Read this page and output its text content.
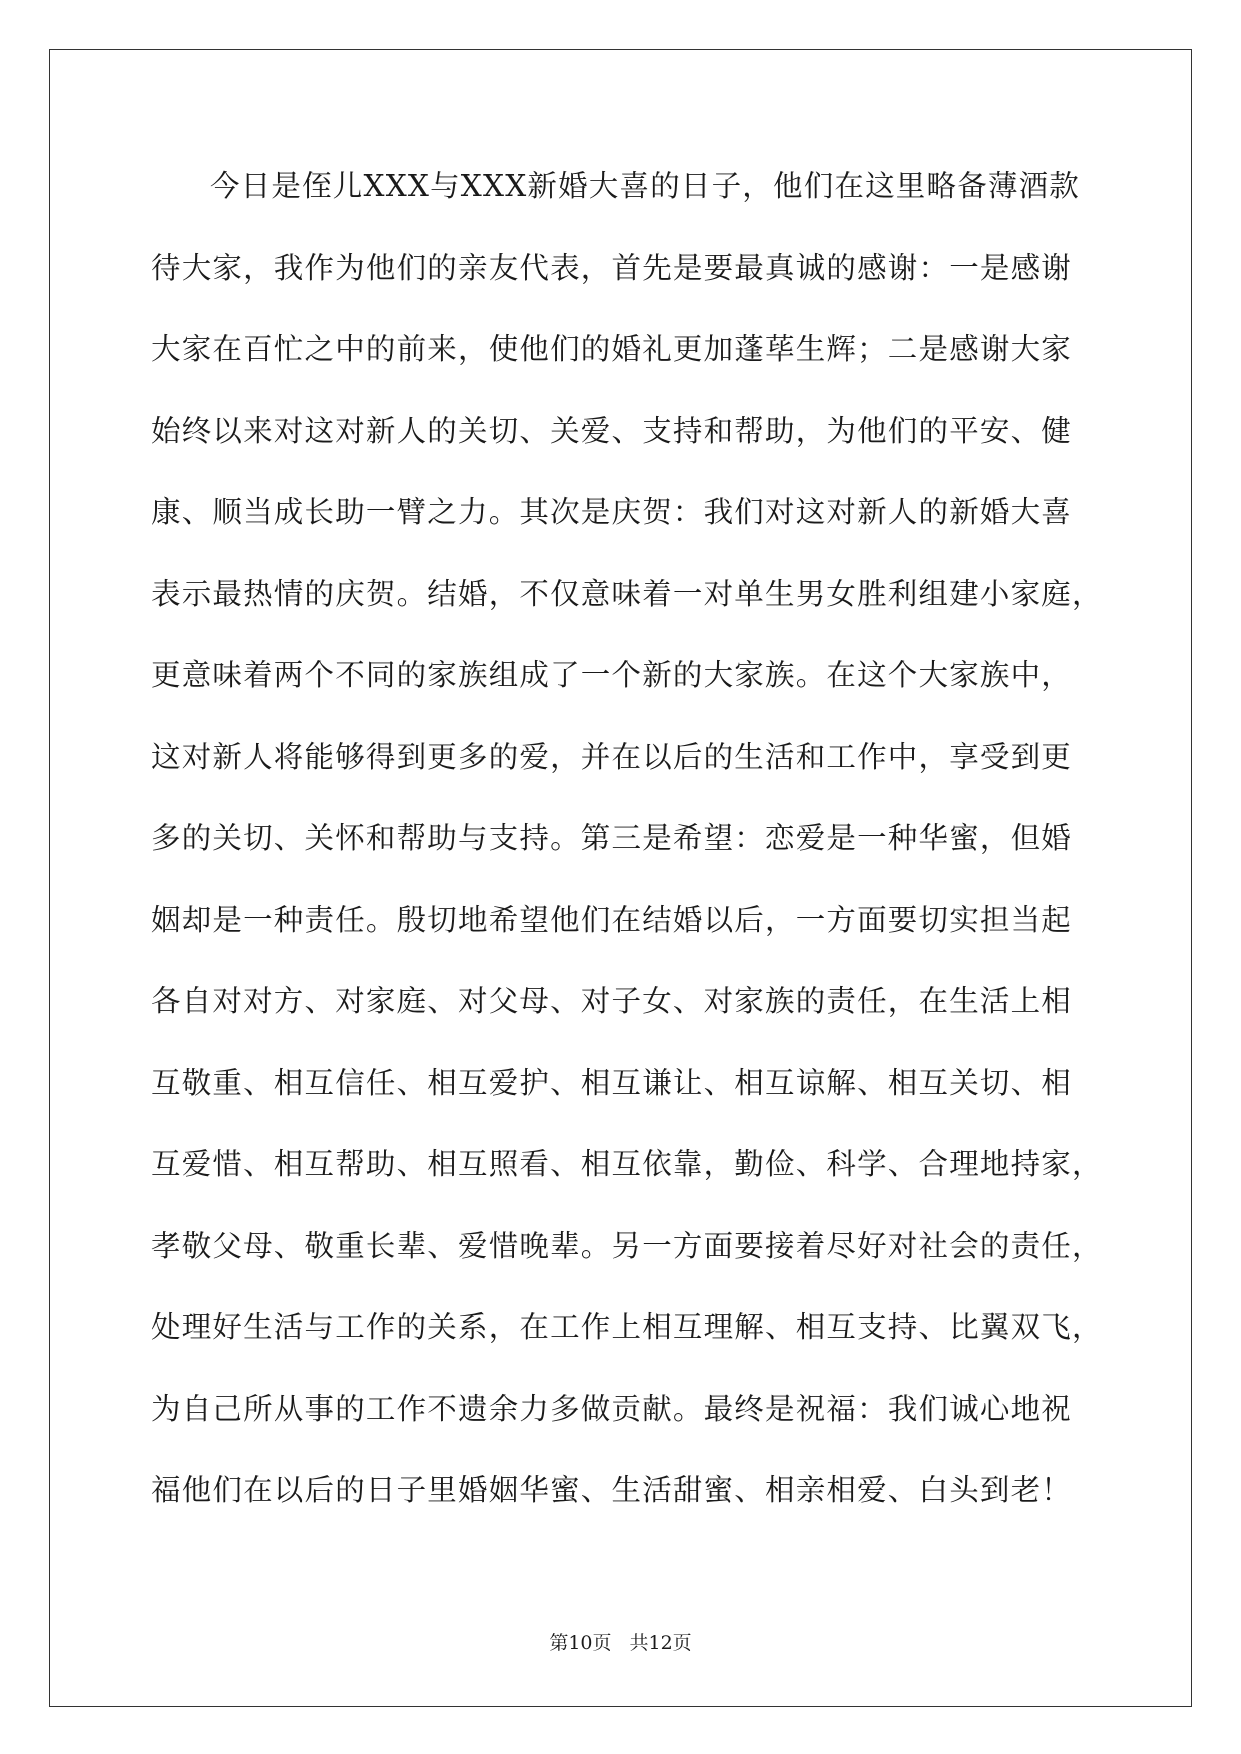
今日是侄儿XXX与XXX新婚大喜的日子，他们在这里略备薄酒款
待大家，我作为他们的亲友代表，首先是要最真诚的感谢：一是感谢
大家在百忙之中的前来，使他们的婚礼更加蓬荜生辉；二是感谢大家
始终以来对这对新人的关切、关爱、支持和帮助，为他们的平安、健
康、顺当成长助一臂之力。其次是庆贺：我们对这对新人的新婚大喜
表示最热情的庆贺。结婚，不仅意味着一对单生男女胜利组建小家庭，
更意味着两个不同的家族组成了一个新的大家族。在这个大家族中，
这对新人将能够得到更多的爱，并在以后的生活和工作中，享受到更
多的关切、关怀和帮助与支持。第三是希望：恋爱是一种华蜜，但婚
姻却是一种责任。殷切地希望他们在结婚以后，一方面要切实担当起
各自对对方、对家庭、对父母、对子女、对家族的责任，在生活上相
互敬重、相互信任、相互爱护、相互谦让、相互谅解、相互关切、相
互爱惜、相互帮助、相互照看、相互依靠，勤俭、科学、合理地持家，
孝敬父母、敬重长辈、爱惜晚辈。另一方面要接着尽好对社会的责任，
处理好生活与工作的关系，在工作上相互理解、相互支持、比翼双飞，
为自己所从事的工作不遗余力多做贡献。最终是祝福：我们诚心地祝
福他们在以后的日子里婚姻华蜜、生活甜蜜、相亲相爱、白头到老！
第10页 共12页
